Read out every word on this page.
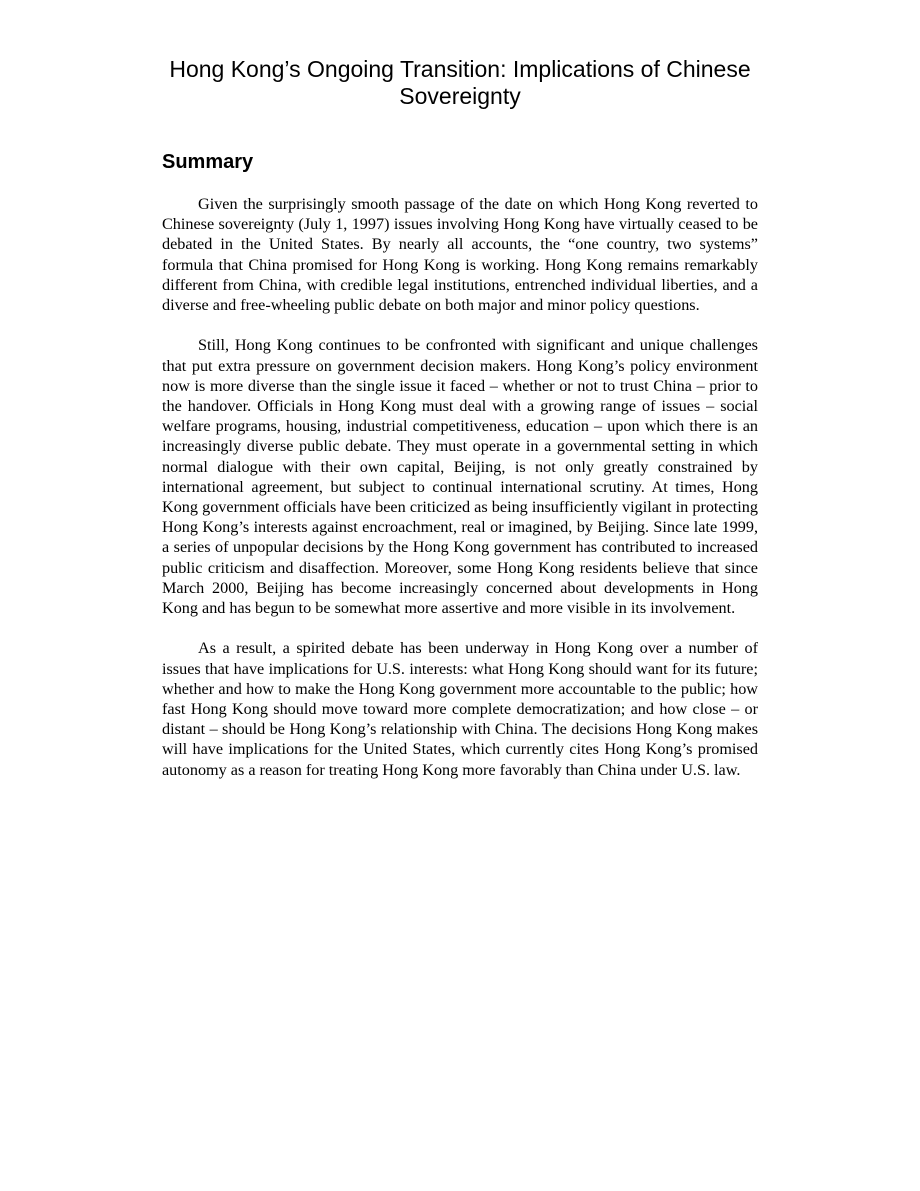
Hong Kong’s Ongoing Transition: Implications of Chinese Sovereignty
Summary

Given the surprisingly smooth passage of the date on which Hong Kong reverted to Chinese sovereignty (July 1, 1997) issues involving Hong Kong have virtually ceased to be debated in the United States. By nearly all accounts, the “one country, two systems” formula that China promised for Hong Kong is working. Hong Kong remains remarkably different from China, with credible legal institutions, entrenched individual liberties, and a diverse and free-wheeling public debate on both major and minor policy questions.

Still, Hong Kong continues to be confronted with significant and unique challenges that put extra pressure on government decision makers. Hong Kong’s policy environment now is more diverse than the single issue it faced – whether or not to trust China – prior to the handover. Officials in Hong Kong must deal with a growing range of issues – social welfare programs, housing, industrial competitiveness, education – upon which there is an increasingly diverse public debate. They must operate in a governmental setting in which normal dialogue with their own capital, Beijing, is not only greatly constrained by international agreement, but subject to continual international scrutiny. At times, Hong Kong government officials have been criticized as being insufficiently vigilant in protecting Hong Kong’s interests against encroachment, real or imagined, by Beijing. Since late 1999, a series of unpopular decisions by the Hong Kong government has contributed to increased public criticism and disaffection. Moreover, some Hong Kong residents believe that since March 2000, Beijing has become increasingly concerned about developments in Hong Kong and has begun to be somewhat more assertive and more visible in its involvement.

As a result, a spirited debate has been underway in Hong Kong over a number of issues that have implications for U.S. interests: what Hong Kong should want for its future; whether and how to make the Hong Kong government more accountable to the public; how fast Hong Kong should move toward more complete democratization; and how close – or distant – should be Hong Kong’s relationship with China. The decisions Hong Kong makes will have implications for the United States, which currently cites Hong Kong’s promised autonomy as a reason for treating Hong Kong more favorably than China under U.S. law.
